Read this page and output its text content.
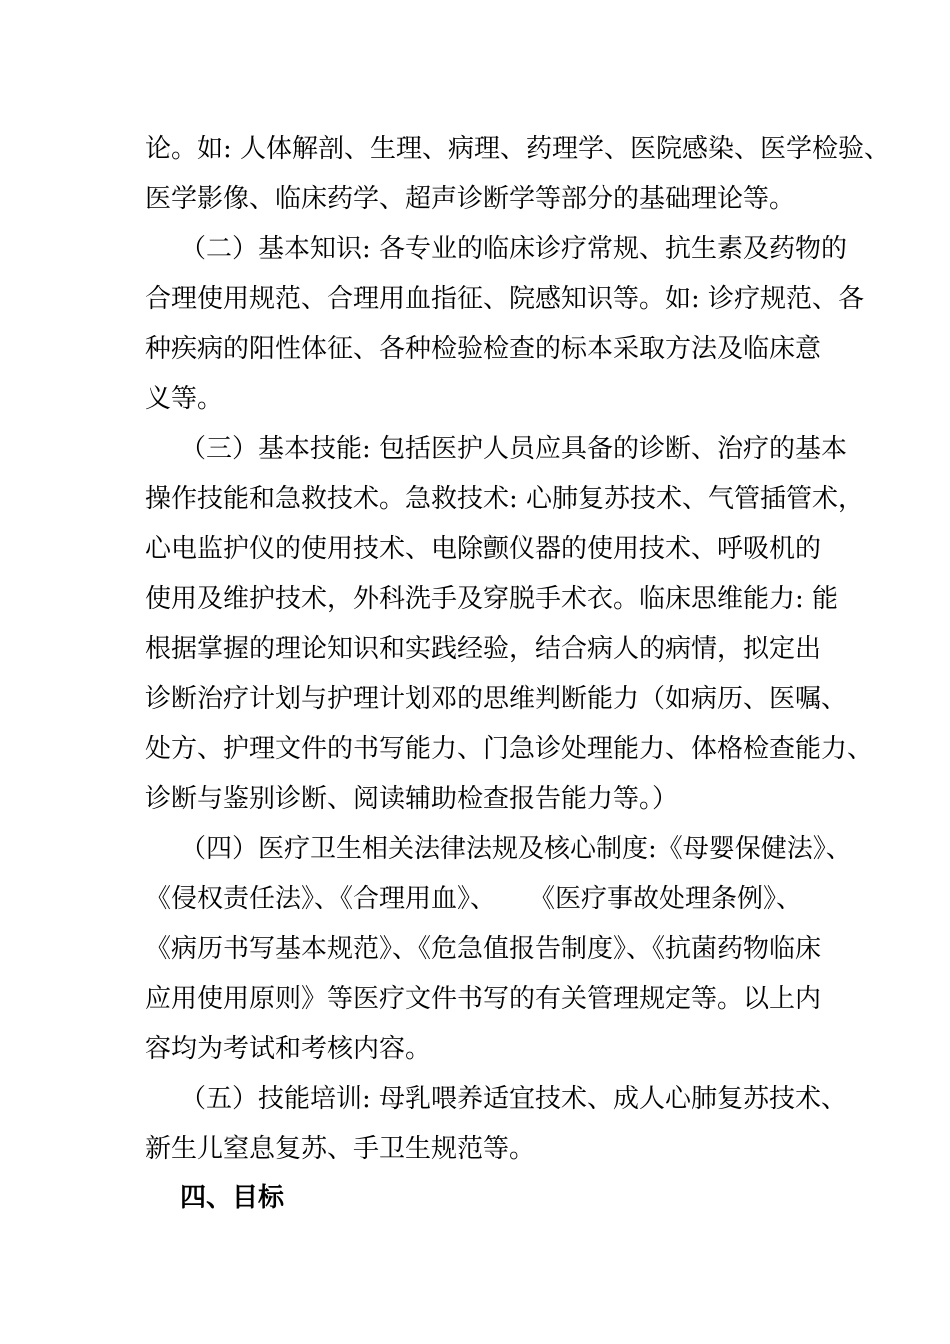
论。如: 人体解剖、生理、病理、药理学、医院感染、医学检验、
医学影像、临床药学、超声诊断学等部分的基础理论等。
（二）基本知识: 各专业的临床诊疗常规、抗生素及药物的
合理使用规范、合理用血指征、院感知识等。如: 诊疗规范、各
种疾病的阳性体征、各种检验检查的标本采取方法及临床意
义等。
（三）基本技能: 包括医护人员应具备的诊断、治疗的基本
操作技能和急救技术。急救技术: 心肺复苏技术、气管插管术，
心电监护仪的使用技术、电除颤仪器的使用技术、呼吸机的
使用及维护技术，外科洗手及穿脱手术衣。临床思维能力: 能
根据掌握的理论知识和实践经验，结合病人的病情，拟定出
诊断治疗计划与护理计划邓的思维判断能力（如病历、医嘱、
处方、护理文件的书写能力、门急诊处理能力、体格检查能力、
诊断与鉴别诊断、阅读辅助检查报告能力等。）
（四）医疗卫生相关法律法规及核心制度:《母婴保健法》、
《侵权责任法》、《合理用血》、    《医疗事故处理条例》、
《病历书写基本规范》、《危急值报告制度》、《抗菌药物临床
应用使用原则》等医疗文件书写的有关管理规定等。以上内
容均为考试和考核内容。
（五）技能培训: 母乳喂养适宜技术、成人心肺复苏技术、
新生儿窒息复苏、手卫生规范等。
四、目标
